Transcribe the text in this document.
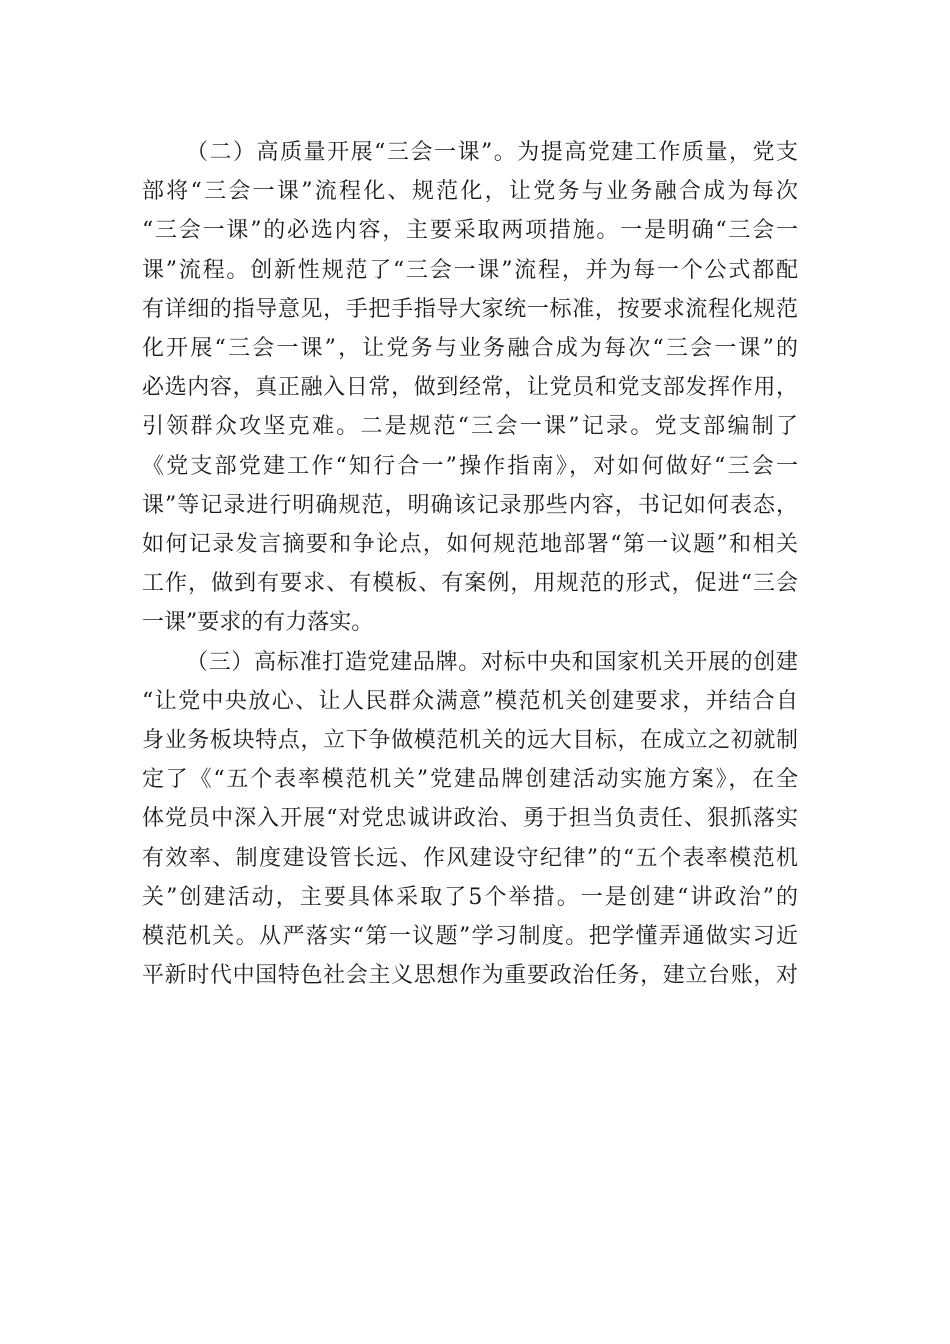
（二）高质量开展“三会一课”。为提高党建工作质量，党支
部将“三会一课”流程化、规范化，让党务与业务融合成为每次
“三会一课”的必选内容，主要采取两项措施。一是明确“三会一
课”流程。创新性规范了“三会一课”流程，并为每一个公式都配
有详细的指导意见，手把手指导大家统一标准，按要求流程化规范
化开展“三会一课”，让党务与业务融合成为每次“三会一课”的
必选内容，真正融入日常，做到经常，让党员和党支部发挥作用，
引领群众攻坚克难。二是规范“三会一课”记录。党支部编制了
《党支部党建工作“知行合一”操作指南》，对如何做好“三会一
课”等记录进行明确规范，明确该记录那些内容，书记如何表态，
如何记录发言摘要和争论点，如何规范地部署“第一议题”和相关
工作，做到有要求、有模板、有案例，用规范的形式，促进“三会
一课”要求的有力落实。

（三）高标准打造党建品牌。对标中央和国家机关开展的创建
“让党中央放心、让人民群众满意”模范机关创建要求，并结合自
身业务板块特点，立下争做模范机关的远大目标，在成立之初就制
定了《“五个表率模范机关”党建品牌创建活动实施方案》，在全
体党员中深入开展“对党忠诚讲政治、勇于担当负责任、狠抓落实
有效率、制度建设管长远、作风建设守纪律”的“五个表率模范机
关”创建活动，主要具体采取了5个举措。一是创建“讲政治”的
模范机关。从严落实“第一议题”学习制度。把学懂弄通做实习近
平新时代中国特色社会主义思想作为重要政治任务，建立台账，对
